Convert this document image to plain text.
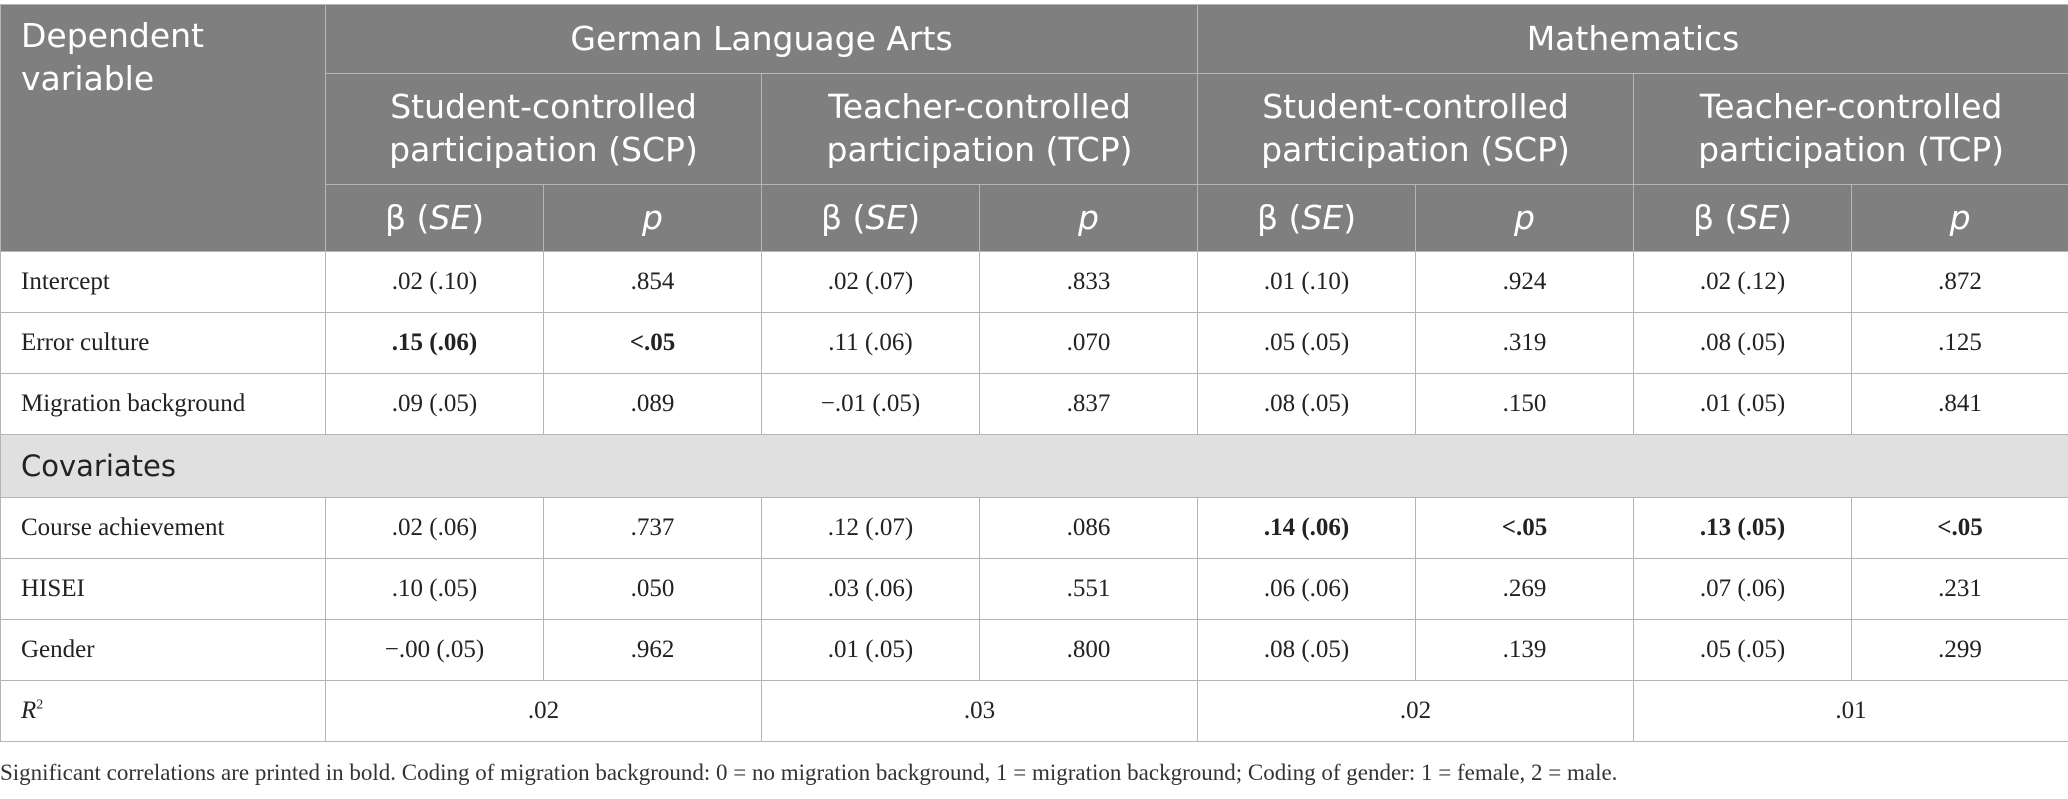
Dependent variable	German Language Arts				Mathematics			
	Student-controlled participation (SCP)		Teacher-controlled participation (TCP)		Student-controlled participation (SCP)		Teacher-controlled participation (TCP)	
	β (SE)	p	β (SE)	p	β (SE)	p	β (SE)	p
Intercept	.02 (.10)	.854	.02 (.07)	.833	.01 (.10)	.924	.02 (.12)	.872
Error culture	.15 (.06)	<.05	.11 (.06)	.070	.05 (.05)	.319	.08 (.05)	.125
Migration background	.09 (.05)	.089	−.01 (.05)	.837	.08 (.05)	.150	.01 (.05)	.841
Covariates								
Course achievement	.02 (.06)	.737	.12 (.07)	.086	.14 (.06)	<.05	.13 (.05)	<.05
HISEI	.10 (.05)	.050	.03 (.06)	.551	.06 (.06)	.269	.07 (.06)	.231
Gender	−.00 (.05)	.962	.01 (.05)	.800	.08 (.05)	.139	.05 (.05)	.299
$R^2$	.02		.03		.02		.01	
Significant correlations are printed in bold. Coding of migration background: 0 = no migration background, 1 = migration background; Coding of gender: 1 = female, 2 = male.
